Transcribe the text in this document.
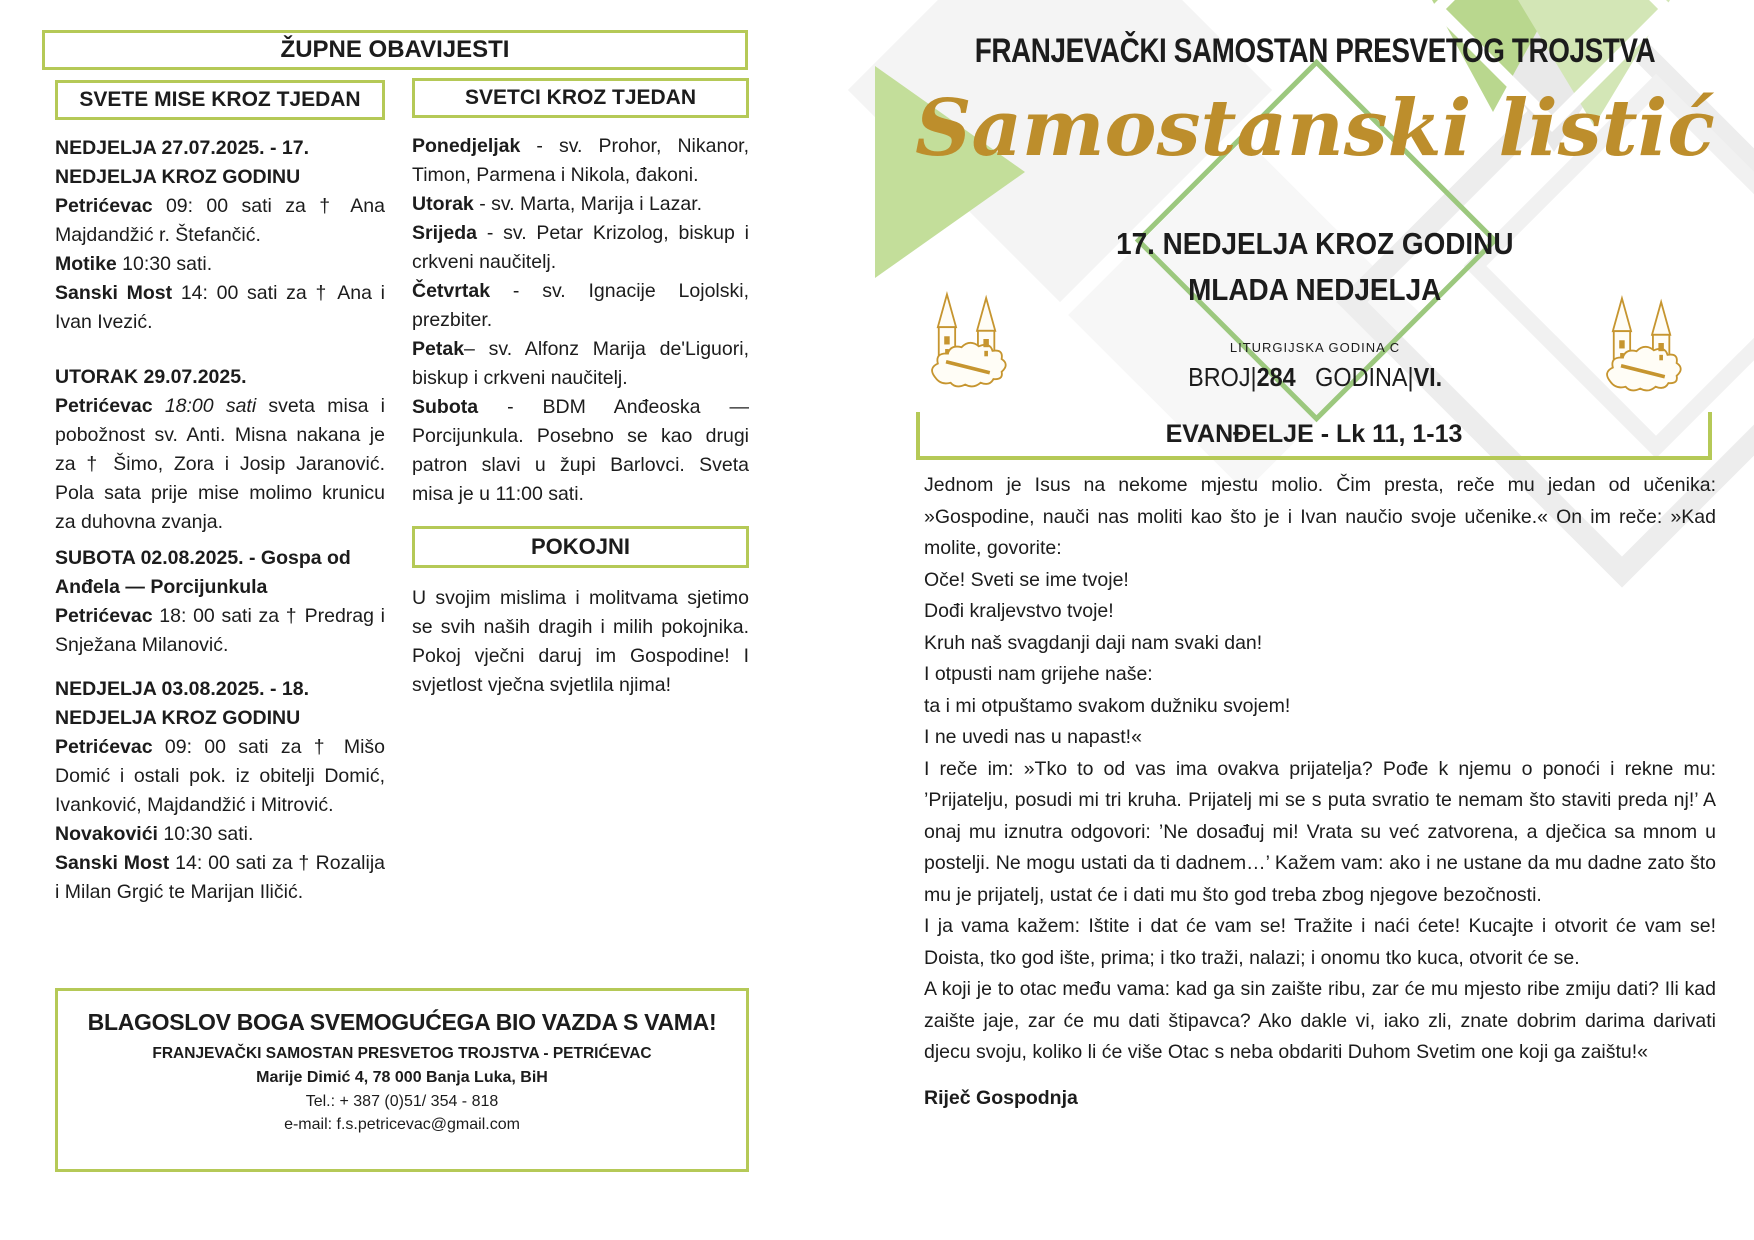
ŽUPNE OBAVIJESTI
SVETE MISE KROZ TJEDAN

NEDJELJA 27.07.2025. - 17. NEDJELJA KROZ GODINU

Petrićevac 09: 00 sati za † Ana Majdandžić r. Štefančić.

Motike 10:30 sati.

Sanski Most 14: 00 sati za † Ana i Ivan Ivezić.

UTORAK 29.07.2025.

Petrićevac 18:00 sati sveta misa i pobožnost sv. Anti. Misna nakana je za † Šimo, Zora i Josip Jaranović. Pola sata prije mise molimo krunicu za duhovna zvanja.

SUBOTA 02.08.2025. - Gospa od Anđela — Porcijunkula

Petrićevac 18: 00 sati za † Predrag i Snježana Milanović.

NEDJELJA 03.08.2025. - 18. NEDJELJA KROZ GODINU

Petrićevac 09: 00 sati za † Mišo Domić i ostali pok. iz obitelji Domić, Ivanković, Majdandžić i Mitrović.

Novakovići 10:30 sati.

Sanski Most 14: 00 sati za † Rozalija i Milan Grgić te Marijan Iličić.

SVETCI KROZ TJEDAN

Ponedjeljak - sv. Prohor, Nikanor, Timon, Parmena i Nikola, đakoni.

Utorak - sv. Marta, Marija i Lazar.

Srijeda - sv. Petar Krizolog, biskup i crkveni naučitelj.

Četvrtak - sv. Ignacije Lojolski, prezbiter.

Petak– sv. Alfonz Marija de'Liguori, biskup i crkveni naučitelj.

Subota - BDM Anđeoska — Porcijunkula. Posebno se kao drugi patron slavi u župi Barlovci. Sveta misa je u 11:00 sati.

POKOJNI

U svojim mislima i molitvama sjetimo se svih naših dragih i milih pokojnika. Pokoj vječni daruj im Gospodine! I svjetlost vječna svjetlila njima!

BLAGOSLOV BOGA SVEMOGUĆEGA BIO VAZDA S VAMA!

FRANJEVAČKI SAMOSTAN PRESVETOG TROJSTVA - PETRIĆEVAC

Marije Dimić 4, 78 000 Banja Luka, BiH

Tel.: + 387 (0)51/ 354 - 818

e-mail: f.s.petricevac@gmail.com

FRANJEVAČKI SAMOSTAN PRESVETOG TROJSTVA
Samostanski listić
17. NEDJELJA KROZ GODINU
MLADA NEDJELJA
LITURGIJSKA GODINA C
BROJ|284 GODINA|VI.
EVANĐELJE - Lk 11, 1-13

Jednom je Isus na nekome mjestu molio. Čim presta, reče mu jedan od učenika: »Gospodine, nauči nas moliti kao što je i Ivan naučio svoje učenike.« On im reče: »Kad molite, govorite:

Oče! Sveti se ime tvoje!

Dođi kraljevstvo tvoje!

Kruh naš svagdanji daji nam svaki dan!

I otpusti nam grijehe naše:

ta i mi otpuštamo svakom dužniku svojem!

I ne uvedi nas u napast!«

I reče im: »Tko to od vas ima ovakva prijatelja? Pođe k njemu o ponoći i rekne mu: ’Prijatelju, posudi mi tri kruha. Prijatelj mi se s puta svratio te nemam što staviti preda nj!’ A onaj mu iznutra odgovori: ’Ne dosađuj mi! Vrata su već zatvorena, a dječica sa mnom u postelji. Ne mogu ustati da ti dadnem…’ Kažem vam: ako i ne ustane da mu dadne zato što mu je prijatelj, ustat će i dati mu što god treba zbog njegove bezočnosti.

I ja vama kažem: Ištite i dat će vam se! Tražite i naći ćete! Kucajte i otvorit će vam se! Doista, tko god ište, prima; i tko traži, nalazi; i onomu tko kuca, otvorit će se.

A koji je to otac među vama: kad ga sin zaište ribu, zar će mu mjesto ribe zmiju dati? Ili kad zaište jaje, zar će mu dati štipavca? Ako dakle vi, iako zli, znate dobrim darima darivati djecu svoju, koliko li će više Otac s neba obdariti Duhom Svetim one koji ga zaištu!«

Riječ Gospodnja
